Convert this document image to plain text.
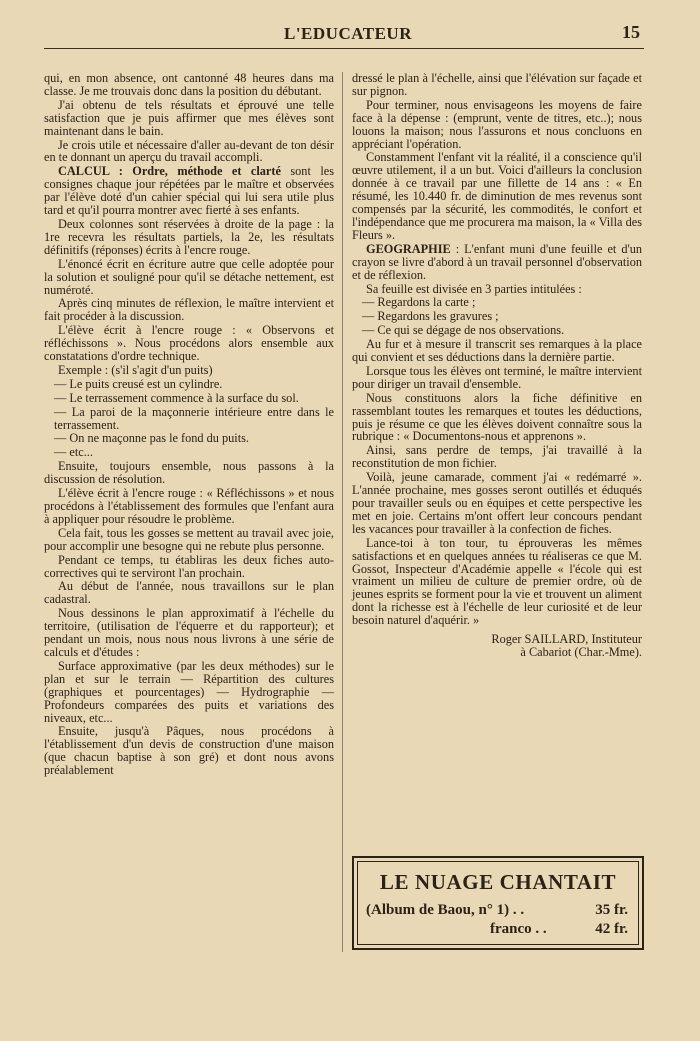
L'EDUCATEUR	15

qui, en mon absence, ont cantonné 48 heures dans ma classe. Je me trouvais donc dans la position du débutant.

J'ai obtenu de tels résultats et éprouvé une telle satisfaction que je puis affirmer que mes élèves sont maintenant dans le bain.

Je crois utile et nécessaire d'aller au-devant de ton désir en te donnant un aperçu du travail accompli.

CALCUL : Ordre, méthode et clarté sont les consignes chaque jour répétées par le maître et observées par l'élève doté d'un cahier spécial qui lui sera utile plus tard et qu'il pourra montrer avec fierté à ses enfants.

Deux colonnes sont réservées à droite de la page : la 1re recevra les résultats partiels, la 2e, les résultats définitifs (réponses) écrits à l'encre rouge.

L'énoncé écrit en écriture autre que celle adoptée pour la solution et souligné pour qu'il se détache nettement, est numéroté.

Après cinq minutes de réflexion, le maître intervient et fait procéder à la discussion.

L'élève écrit à l'encre rouge : « Observons et réfléchissons ». Nous procédons alors ensemble aux constatations d'ordre technique.

Exemple : (s'il s'agit d'un puits)

— Le puits creusé est un cylindre.

— Le terrassement commence à la surface du sol.

— La paroi de la maçonnerie intérieure entre dans le terrassement.

— On ne maçonne pas le fond du puits.

— etc...

Ensuite, toujours ensemble, nous passons à la discussion de résolution.

L'élève écrit à l'encre rouge : « Réfléchissons » et nous procédons à l'établissement des formules que l'enfant aura à appliquer pour résoudre le problème.

Cela fait, tous les gosses se mettent au travail avec joie, pour accomplir une besogne qui ne rebute plus personne.

Pendant ce temps, tu établiras les deux fiches auto-correctives qui te serviront l'an prochain.

Au début de l'année, nous travaillons sur le plan cadastral.

Nous dessinons le plan approximatif à l'échelle du territoire, (utilisation de l'équerre et du rapporteur); et pendant un mois, nous nous nous livrons à une série de calculs et d'études :

Surface approximative (par les deux méthodes) sur le plan et sur le terrain — Répartition des cultures (graphiques et pourcentages) — Hydrographie — Profondeurs comparées des puits et variations des niveaux, etc...

Ensuite, jusqu'à Pâques, nous procédons à l'établissement d'un devis de construction d'une maison (que chacun baptise à son gré) et dont nous avons préalablement

dressé le plan à l'échelle, ainsi que l'élévation sur façade et sur pignon.

Pour terminer, nous envisageons les moyens de faire face à la dépense : (emprunt, vente de titres, etc..); nous louons la maison; nous l'assurons et nous concluons en appréciant l'opération.

Constamment l'enfant vit la réalité, il a conscience qu'il œuvre utilement, il a un but. Voici d'ailleurs la conclusion donnée à ce travail par une fillette de 14 ans : « En résumé, les 10.440 fr. de diminution de mes revenus sont compensés par la sécurité, les commodités, le confort et l'indépendance que me procurera ma maison, la « Villa des Fleurs ».

GEOGRAPHIE : L'enfant muni d'une feuille et d'un crayon se livre d'abord à un travail personnel d'observation et de réflexion.

Sa feuille est divisée en 3 parties intitulées :

— Regardons la carte ;

— Regardons les gravures ;

— Ce qui se dégage de nos observations.

Au fur et à mesure il transcrit ses remarques à la place qui convient et ses déductions dans la dernière partie.

Lorsque tous les élèves ont terminé, le maître intervient pour diriger un travail d'ensemble.

Nous constituons alors la fiche définitive en rassemblant toutes les remarques et toutes les déductions, puis je résume ce que les élèves doivent connaître sous la rubrique : « Documentons-nous et apprenons ».

Ainsi, sans perdre de temps, j'ai travaillé à la reconstitution de mon fichier.

Voilà, jeune camarade, comment j'ai « redémarré ». L'année prochaine, mes gosses seront outillés et éduqués pour travailler seuls ou en équipes et cette perspective les met en joie. Certains m'ont offert leur concours pendant les vacances pour travailler à la confection de fiches.

Lance-toi à ton tour, tu éprouveras les mêmes satisfactions et en quelques années tu réaliseras ce que M. Gossot, Inspecteur d'Académie appelle « l'école qui est vraiment un milieu de culture de premier ordre, où de jeunes esprits se forment pour la vie et trouvent un aliment dont la richesse est à l'échelle de leur curiosité et de leur besoin naturel d'aquérir. »

Roger SAILLARD, Instituteur
à Cabariot (Char.-Mme).
LE NUAGE CHANTAIT
(Album de Baou, n° 1) . .	35 fr.
franco . .	42 fr.
